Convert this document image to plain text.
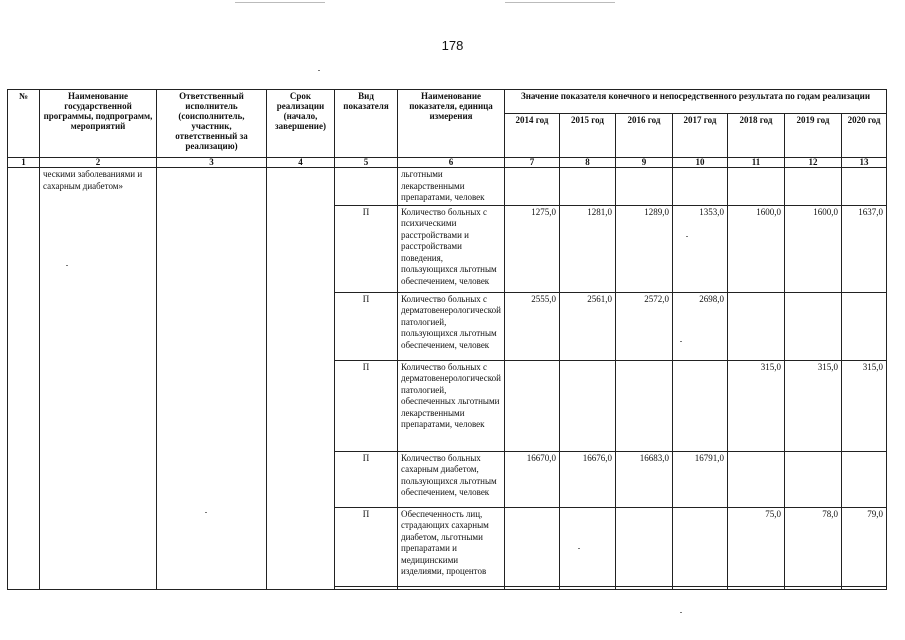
178
№	Наименование государственной программы, подпрограмм, мероприятий	Ответственный исполнитель (соисполнитель, участник, ответственный за реализацию)	Срок реализации (начало, завершение)	Вид показателя	Наименование показателя, единица измерения	Значение показателя конечного и непосредственного результата по годам реализации						
						2014 год	2015 год	2016 год	2017 год	2018 год	2019 год	2020 год
1	2	3	4	5	6	7	8	9	10	11	12	13
	ческими заболеваниями и сахарным диабетом»				льготными лекарственными препаратами, человек							
				П	Количество больных с психическими расстройствами и расстройствами поведения, пользующихся льготным обеспечением, человек	1275,0	1281,0	1289,0	1353,0	1600,0	1600,0	1637,0
				П	Количество больных с дерматовенерологической патологией, пользующихся льготным обеспечением, человек	2555,0	2561,0	2572,0	2698,0			
				П	Количество больных с дерматовенерологической патологией, обеспеченных льготными лекарственными препаратами, человек					315,0	315,0	315,0
				П	Количество больных сахарным диабетом, пользующихся льготным обеспечением, человек	16670,0	16676,0	16683,0	16791,0			
				П	Обеспеченность лиц, страдающих сахарным диабетом, льготными препаратами и медицинскими изделиями, процентов					75,0	78,0	79,0
